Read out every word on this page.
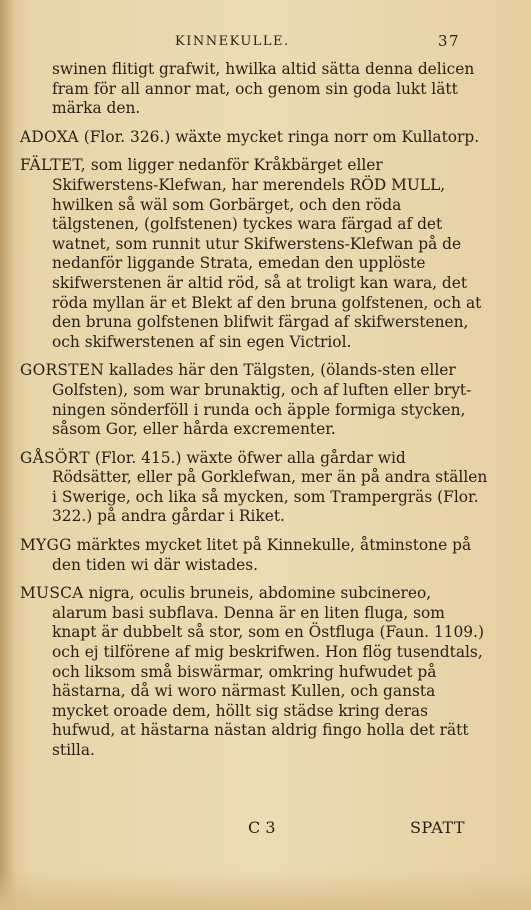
KINNEKULLE.	37

swinen flitigt grafwit, hwilka altid sätta denna delicen fram för all annor mat, och genom sin goda lukt lätt märka den.

ADOXA (Flor. 326.) wäxte mycket ringa norr om Kullatorp.

FÄLTET, som ligger nedanför Kråkbärget eller Skifwerstens-Klefwan, har merendels RÖD MULL, hwilken så wäl som Gorbärget, och den röda tälgstenen, (golfstenen) tyckes wara färgad af det watnet, som runnit utur Skifwerstens-Klefwan på de nedanför liggande Strata, emedan den upplöste skifwerstenen är altid röd, så at troligt kan wara, det röda myllan är et Blekt af den bruna golfstenen, och at den bruna golfstenen blifwit färgad af skifwerstenen, och skifwerstenen af sin egen Victriol.

GORSTEN kallades här den Tälgsten, (ölands-sten eller Golfsten), som war brunaktig, och af luften eller bryt-ningen sönderföll i runda och äpple formiga stycken, såsom Gor, eller hårda excrementer.

GÅSÖRT (Flor. 415.) wäxte öfwer alla gårdar wid Rödsätter, eller på Gorklefwan, mer än på andra ställen i Swerige, och lika så mycken, som Trampergräs (Flor. 322.) på andra gårdar i Riket.

MYGG märktes mycket litet på Kinnekulle, åtminstone på den tiden wi där wistades.

MUSCA nigra, oculis bruneis, abdomine subcinereo, alarum basi subflava. Denna är en liten fluga, som knapt är dubbelt så stor, som en Östfluga (Faun. 1109.) och ej tilförene af mig beskrifwen. Hon flög tusendtals, och liksom små biswärmar, omkring hufwudet på hästarna, då wi woro närmast Kullen, och gansta mycket oroade dem, höllt sig städse kring deras hufwud, at hästarna nästan aldrig fingo holla det rätt stilla.

C 3	SPATT
